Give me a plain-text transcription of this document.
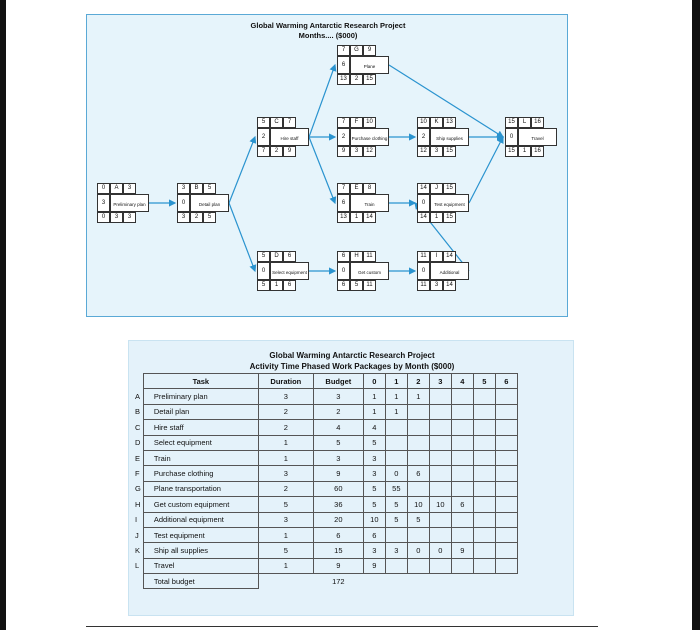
Global Warming Antarctic Research Project
Months.... ($000)
0	A	3
3	Preliminary plan
0	3	3
3	B	5
0	Detail plan
3	2	5
5	C	7
2	Hire staff
7	2	9
5	D	6
0	Select equipment
5	1	6
7	E	8
6	Train
13	1	14
7	F	10
2	Purchase clothing
9	3	12
7	G	9
6	Plane
13	2	15
6	H	11
0	Get custom
6	5	11
11	I	14
0	Additional
11	3	14
14	J	15
0	Test equipment
14	1	15
10	K	13
2	Ship supplies
12	3	15
15	L	16
0	Travel
15	1	16
Global Warming Antarctic Research Project
Activity Time Phased Work Packages by Month ($000)
	Task	Duration	Budget	0	1	2	3	4	5	6
A	Preliminary plan	3	3	1	1	1				
B	Detail plan	2	2	1	1					
C	Hire staff	2	4	4						
D	Select equipment	1	5	5						
E	Train	1	3	3						
F	Purchase clothing	3	9	3	0	6				
G	Plane transportation	2	60	5	55					
H	Get custom equipment	5	36	5	5	10	10	6		
I	Additional equipment	3	20	10	5	5				
J	Test equipment	1	6	6						
K	Ship all supplies	5	15	3	3	0	0	9		
L	Travel	1	9	9						
	Total budget		172							
